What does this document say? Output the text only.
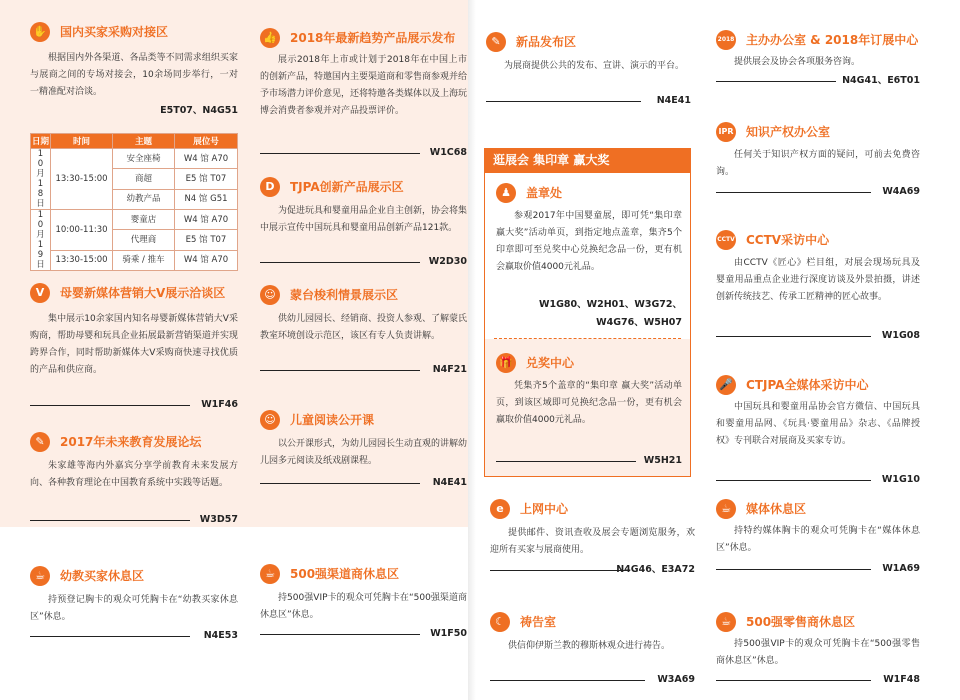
✋ 国内买家采购对接区
根据国内外各渠道、各品类等不同需求组织买家与展商之间的专场对接会，10余场同步举行，一对一精准配对洽谈。
E5T07、N4G51
日期	时间	主题	展位号
10月18日	13:30-15:00	安全座椅	W4 馆 A70
		商超	E5 馆 T07
		幼教产品	N4 馆 G51
10月19日	10:00-11:30	婴童店	W4 馆 A70
		代理商	E5 馆 T07
	13:30-15:00	骑乘 / 推车	W4 馆 A70
V	母婴新媒体营销大V展示洽谈区
集中展示10余家国内知名母婴新媒体营销大V采购商，帮助母婴和玩具企业拓展最新营销渠道并实现跨界合作，同时帮助新媒体大V采购商快速寻找优质的产品和供应商。
W1F46
✎	2017年未来教育发展论坛
朱家雄等海内外嘉宾分享学前教育未来发展方向、各种教育理论在中国教育系统中实践等话题。
W3D57
☕	幼教买家休息区
持预登记胸卡的观众可凭胸卡在“幼教买家休息区”休息。
N4E53
👍 2018年最新趋势产品展示发布
展示2018年上市或计划于2018年在中国上市的创新产品，特邀国内主要渠道商和零售商参观并给予市场潜力评价意见，还将特邀各类媒体以及上海玩博会消费者参观并对产品投票评价。
W1C68
D	TJPA创新产品展示区
为促进玩具和婴童用品企业自主创新，协会将集中展示宣传中国玩具和婴童用品创新产品121款。
W2D30
☺	蒙台梭利情景展示区
供幼儿园园长、经销商、投资人参观、了解蒙氏教室环境创设示范区，该区有专人负责讲解。
N4F21
☺	儿童阅读公开课
以公开课形式，为幼儿园园长生动直观的讲解幼儿园多元阅读及纸戏剧课程。
N4E41
☕	500强渠道商休息区
持500强VIP卡的观众可凭胸卡在“500强渠道商休息区”休息。
W1F50
✎	新品发布区
为展商提供公共的发布、宣讲、演示的平台。
N4E41
逛展会 集印章 赢大奖
♟	盖章处
参观2017年中国婴童展，即可凭“集印章 赢大奖”活动单页，到指定地点盖章，集齐5个印章即可至兑奖中心兑换纪念品一份，更有机会赢取价值4000元礼品。
W1G80、W2H01、W3G72、
W4G76、W5H07
🎁 兑奖中心
凭集齐5个盖章的“集印章 赢大奖”活动单页，到该区域即可兑换纪念品一份，更有机会赢取价值4000元礼品。
W5H21
e	上网中心
提供邮件、资讯查收及展会专题浏览服务，欢迎所有买家与展商使用。
N4G46、E3A72
☾	祷告室
供信仰伊斯兰教的穆斯林观众进行祷告。
W3A69
2018 主办办公室 & 2018年订展中心
提供展会及协会各项服务咨询。
N4G41、E6T01
IPR 知识产权办公室
任何关于知识产权方面的疑问，可前去免费咨询。
W4A69
CCTV CCTV采访中心
由CCTV《匠心》栏目组，对展会现场玩具及婴童用品重点企业进行深度访谈及外景拍摄，讲述创新传统技艺、传承工匠精神的匠心故事。
W1G08
🎤 CTJPA全媒体采访中心
中国玩具和婴童用品协会官方微信、中国玩具和婴童用品网、《玩具·婴童用品》杂志、《品牌授权》专刊联合对展商及买家专访。
W1G10
☕	媒体休息区
持特约媒体胸卡的观众可凭胸卡在“媒体休息区”休息。
W1A69
☕	500强零售商休息区
持500强VIP卡的观众可凭胸卡在“500强零售商休息区”休息。
W1F48
